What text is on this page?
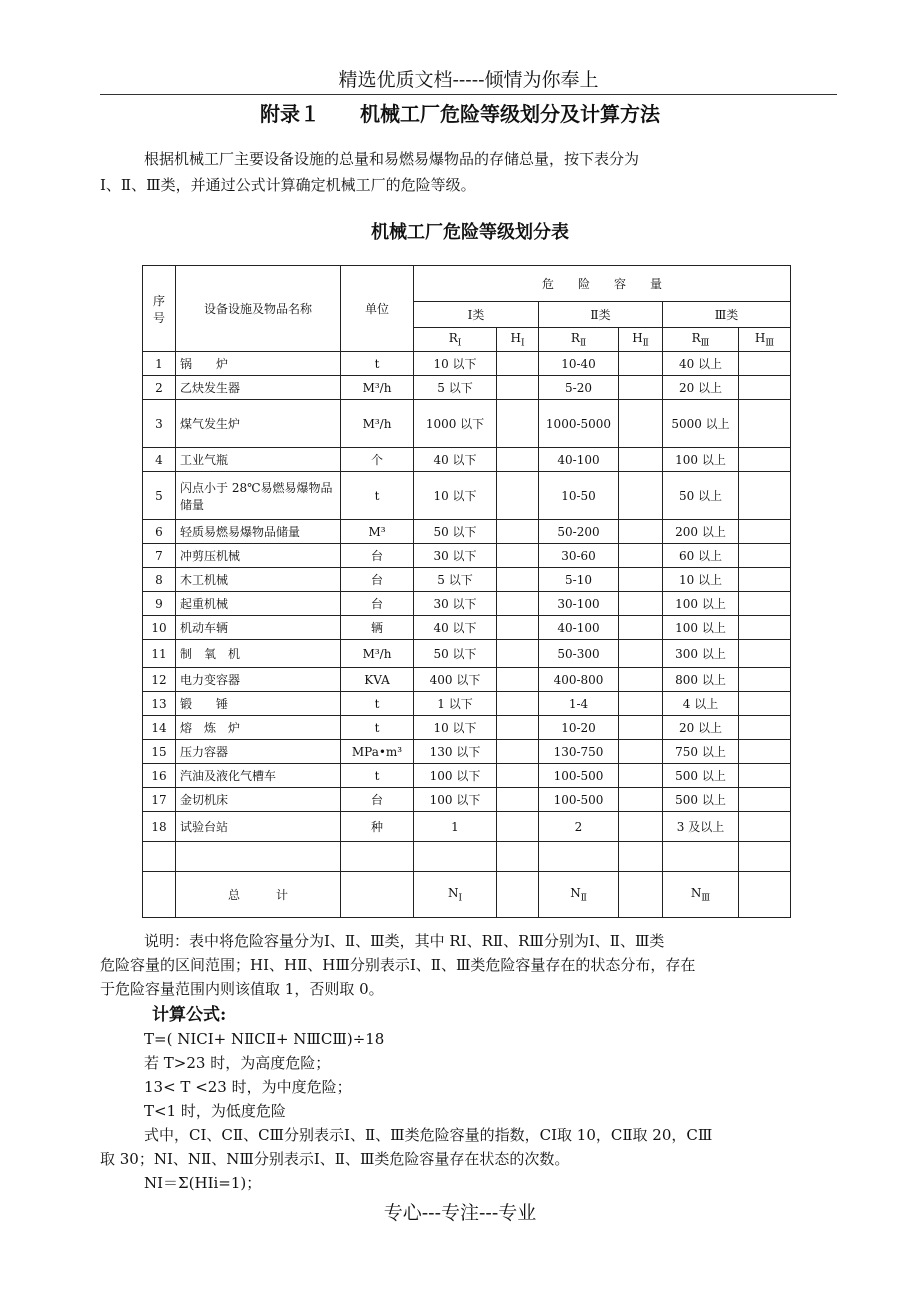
精选优质文档-----倾情为你奉上
附录１　　机械工厂危险等级划分及计算方法
根据机械工厂主要设备设施的总量和易燃易爆物品的存储总量，按下表分为
Ⅰ、Ⅱ、Ⅲ类，并通过公式计算确定机械工厂的危险等级。
机械工厂危险等级划分表
序号	设备设施及物品名称	单位	危　　险　　容　　量					
			Ⅰ类		Ⅱ类		Ⅲ类	
			$R_Ⅰ$	$H_Ⅰ$	$R_Ⅱ$	$H_Ⅱ$	$R_Ⅲ$	$H_Ⅲ$
1	锅　　炉	t	10 以下		10-40		40 以上	
2	乙炔发生器	M³/h	5 以下		5-20		20 以上	
3	煤气发生炉	M³/h	1000 以下		1000-5000		5000 以上	
4	工业气瓶	个	40 以下		40-100		100 以上	
5	闪点小于 28℃易燃易爆物品储量	t	10 以下		10-50		50 以上	
6	轻质易燃易爆物品储量	M³	50 以下		50-200		200 以上	
7	冲剪压机械	台	30 以下		30-60		60 以上	
8	木工机械	台	5 以下		5-10		10 以上	
9	起重机械	台	30 以下		30-100		100 以上	
10	机动车辆	辆	40 以下		40-100		100 以上	
11	制　氧　机	M³/h	50 以下		50-300		300 以上	
12	电力变容器	KVA	400 以下		400-800		800 以上	
13	锻　　锤	t	1 以下		1-4		4 以上	
14	熔　炼　炉	t	10 以下		10-20		20 以上	
15	压力容器	MPa•m³	130 以下		130-750		750 以上	
16	汽油及液化气槽车	t	100 以下		100-500		500 以上	
17	金切机床	台	100 以下		100-500		500 以上	
18	试验台站	种	1		2		3 及以上	

	总　　　计		$N_Ⅰ$		$N_Ⅱ$		$N_Ⅲ$	

说明：表中将危险容量分为Ⅰ、Ⅱ、Ⅲ类，其中 RⅠ、RⅡ、RⅢ分别为Ⅰ、Ⅱ、Ⅲ类

危险容量的区间范围；HⅠ、HⅡ、HⅢ分别表示Ⅰ、Ⅱ、Ⅲ类危险容量存在的状态分布，存在

于危险容量范围内则该值取 1，否则取 0。

计算公式:

T=( NⅠCⅠ+ NⅡCⅡ+ NⅢCⅢ)÷18

若 T>23 时，为高度危险；

13< T <23 时，为中度危险；

T<1 时，为低度危险

式中，CⅠ、CⅡ、CⅢ分别表示Ⅰ、Ⅱ、Ⅲ类危险容量的指数，CⅠ取 10，CⅡ取 20，CⅢ

取 30；NⅠ、NⅡ、NⅢ分别表示Ⅰ、Ⅱ、Ⅲ类危险容量存在状态的次数。

NⅠ＝Σ(HⅠi=1)；

专心---专注---专业
